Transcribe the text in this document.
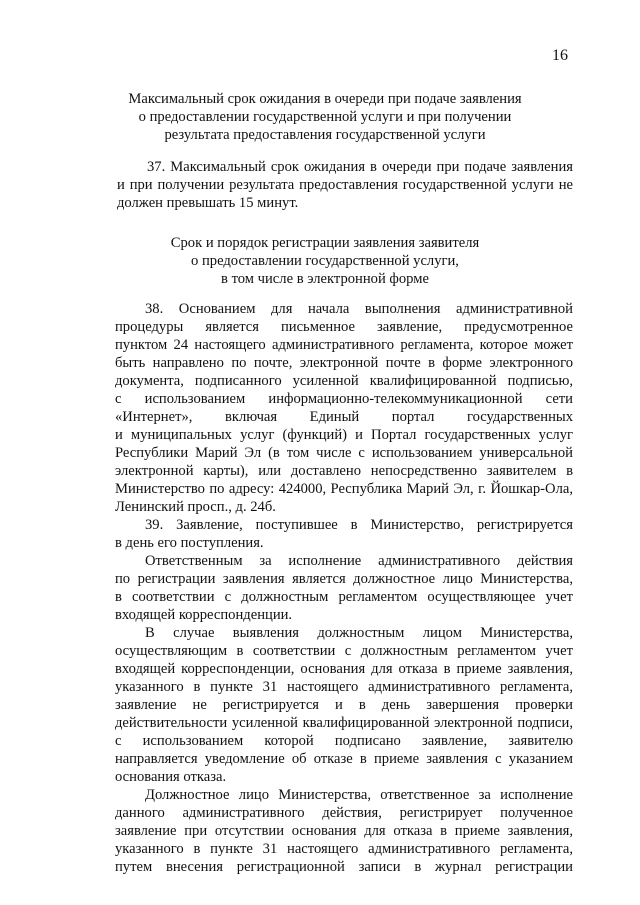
16
Максимальный срок ожидания в очереди при подаче заявления
о предоставлении государственной услуги и при получении
результата предоставления государственной услуги
37. Максимальный срок ожидания в очереди при подаче заявления
и при получении результата предоставления государственной услуги не
должен превышать 15 минут.
Срок и порядок регистрации заявления заявителя
о предоставлении государственной услуги,
в том числе в электронной форме
38. Основанием для начала выполнения административной
процедуры является письменное заявление, предусмотренное
пунктом 24 настоящего административного регламента, которое может
быть направлено по почте, электронной почте в форме электронного
документа, подписанного усиленной квалифицированной подписью,
с использованием информационно-телекоммуникационной сети
«Интернет», включая Единый портал государственных
и муниципальных услуг (функций) и Портал государственных услуг
Республики Марий Эл (в том числе с использованием универсальной
электронной карты), или доставлено непосредственно заявителем в
Министерство по адресу: 424000, Республика Марий Эл, г. Йошкар-Ола,
Ленинский просп., д. 24б.
39. Заявление, поступившее в Министерство, регистрируется
в день его поступления.
Ответственным за исполнение административного действия
по регистрации заявления является должностное лицо Министерства,
в соответствии с должностным регламентом осуществляющее учет
входящей корреспонденции.
В случае выявления должностным лицом Министерства,
осуществляющим в соответствии с должностным регламентом учет
входящей корреспонденции, основания для отказа в приеме заявления,
указанного в пункте 31 настоящего административного регламента,
заявление не регистрируется и в день завершения проверки
действительности усиленной квалифицированной электронной подписи,
с использованием которой подписано заявление, заявителю
направляется уведомление об отказе в приеме заявления с указанием
основания отказа.
Должностное лицо Министерства, ответственное за исполнение
данного административного действия, регистрирует полученное
заявление при отсутствии основания для отказа в приеме заявления,
указанного в пункте 31 настоящего административного регламента,
путем внесения регистрационной записи в журнал регистрации
